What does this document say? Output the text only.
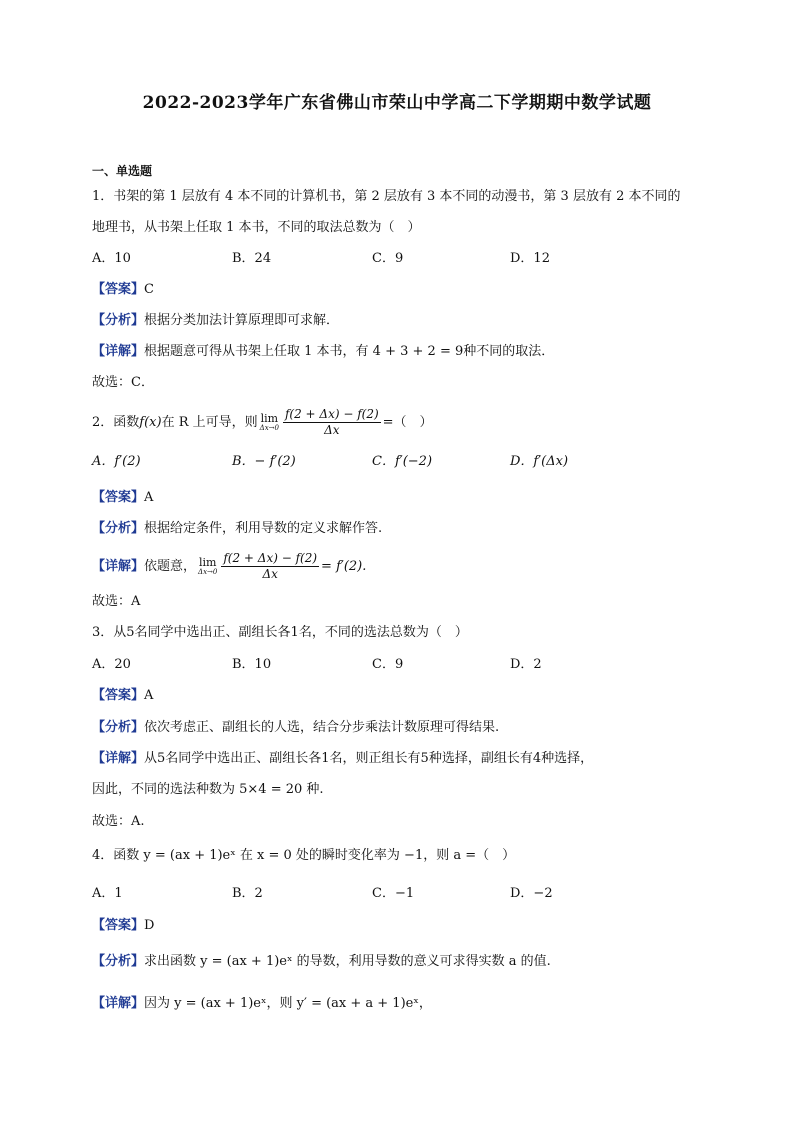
2022-2023学年广东省佛山市荣山中学高二下学期期中数学试题
一、单选题
1．书架的第 1 层放有 4 本不同的计算机书，第 2 层放有 3 本不同的动漫书，第 3 层放有 2 本不同的
地理书，从书架上任取 1 本书，不同的取法总数为（　）
A．10	B．24	C．9	D．12
【答案】C
【分析】根据分类加法计算原理即可求解．
【详解】根据题意可得从书架上任取 1 本书，有 4 + 3 + 2 = 9种不同的取法．
故选：C．
2．函数f(x)在 R 上可导，则 lim
$\Delta x\to 0 \frac{f(2 + \Delta x) - f(2)}{\Delta x}$ =（　）
A．f′(2)	B．− f′(2)	C．f′(−2)	D．f′(Δx)
【答案】A
【分析】根据给定条件，利用导数的定义求解作答.
【详解】依题意， lim
$\Delta x\to 0 \frac{f(2 + \Delta x) - f(2)}{\Delta x} = f'(2)$.
故选：A
3．从5名同学中选出正、副组长各1名，不同的选法总数为（　）
A．20	B．10	C．9	D．2
【答案】A
【分析】依次考虑正、副组长的人选，结合分步乘法计数原理可得结果.
【详解】从5名同学中选出正、副组长各1名，则正组长有5种选择，副组长有4种选择，
因此，不同的选法种数为 5×4 = 20 种.
故选：A.
4．函数 y = (ax + 1)eˣ 在 x = 0 处的瞬时变化率为 −1，则 a =（　）
A．1	B．2	C．−1	D．−2
【答案】D
【分析】求出函数 y = (ax + 1)eˣ 的导数，利用导数的意义可求得实数 a 的值.
【详解】因为 y = (ax + 1)eˣ，则 y′ = (ax + a + 1)eˣ，
